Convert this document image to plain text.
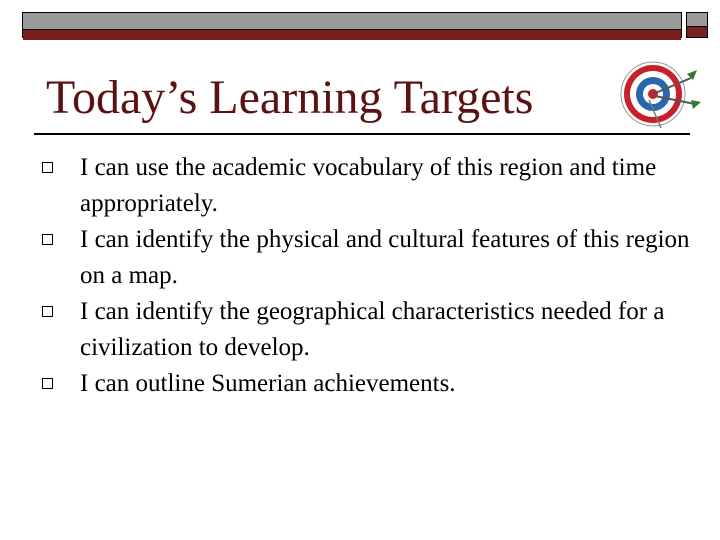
Today’s Learning Targets
I can use the academic vocabulary of this region and time appropriately.
I can identify the physical and cultural features of this region on a map.
I can identify the geographical characteristics needed for a civilization to develop.
I can outline Sumerian achievements.
